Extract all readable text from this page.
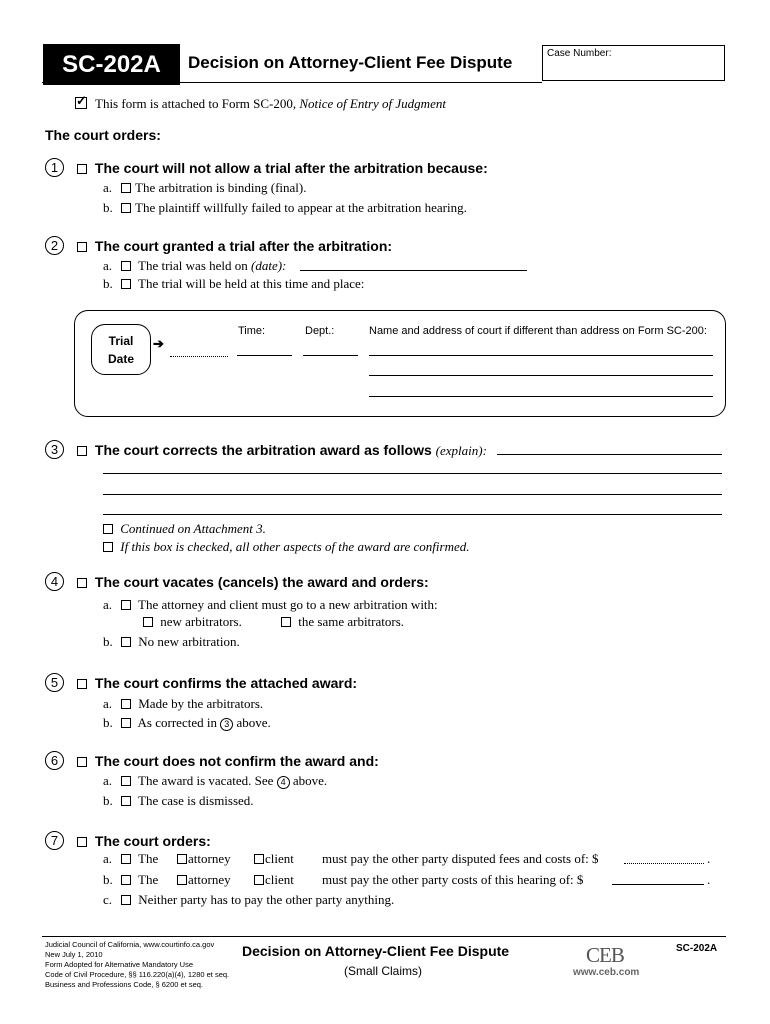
SC-202A	Decision on Attorney-Client Fee Dispute	Case Number:
✓ This form is attached to Form SC-200, Notice of Entry of Judgment
The court orders:
1	The court will not allow a trial after the arbitration because:
a. The arbitration is binding (final).
b. The plaintiff willfully failed to appear at the arbitration hearing.
2	The court granted a trial after the arbitration:
a. The trial was held on (date):
b. The trial will be held at this time and place:
Trial
Date
➔
Time:	Dept.:	Name and address of court if different than address on Form SC-200:
3	The court corrects the arbitration award as follows (explain):
Continued on Attachment 3.
If this box is checked, all other aspects of the award are confirmed.
4	The court vacates (cancels) the award and orders:
a. The attorney and client must go to a new arbitration with:
new arbitrators.	the same arbitrators.
b. No new arbitration.
5	The court confirms the attached award:
a. Made by the arbitrators.
b. As corrected in 3 above.
6	The court does not confirm the award and:
a. The award is vacated. See 4 above.
b. The case is dismissed.
7	The court orders:
a. The	attorney	client must pay the other party disputed fees and costs of: $	.
b. The	attorney	client must pay the other party costs of this hearing of: $	.
c. Neither party has to pay the other party anything.
Judicial Council of California, www.courtinfo.ca.gov
New July 1, 2010
Form Adopted for Alternative Mandatory Use
Code of Civil Procedure, §§ 116.220(a)(4), 1280 et seq.
Business and Professions Code, § 6200 et seq.
Decision on Attorney-Client Fee Dispute
(Small Claims)
CEB
www.ceb.com
SC-202A
